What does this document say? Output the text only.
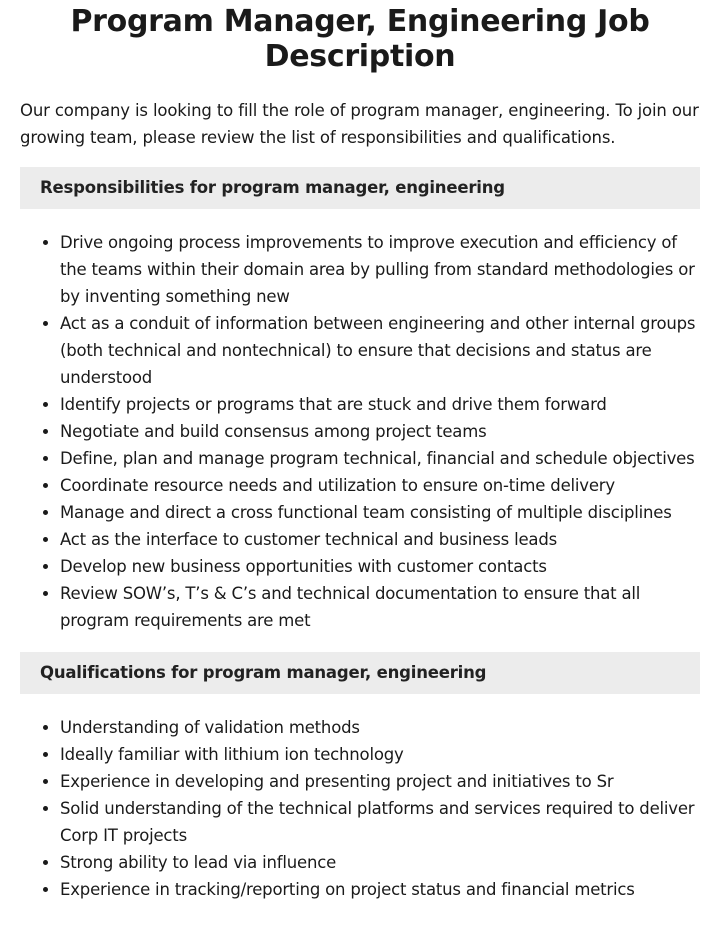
Program Manager, Engineering Job Description

Our company is looking to fill the role of program manager, engineering. To join our growing team, please review the list of responsibilities and qualifications.

Responsibilities for program manager, engineering
Drive ongoing process improvements to improve execution and efficiency of the teams within their domain area by pulling from standard methodologies or by inventing something new
Act as a conduit of information between engineering and other internal groups (both technical and nontechnical) to ensure that decisions and status are understood
Identify projects or programs that are stuck and drive them forward
Negotiate and build consensus among project teams
Define, plan and manage program technical, financial and schedule objectives
Coordinate resource needs and utilization to ensure on-time delivery
Manage and direct a cross functional team consisting of multiple disciplines
Act as the interface to customer technical and business leads
Develop new business opportunities with customer contacts
Review SOW’s, T’s & C’s and technical documentation to ensure that all program requirements are met
Qualifications for program manager, engineering
Understanding of validation methods
Ideally familiar with lithium ion technology
Experience in developing and presenting project and initiatives to Sr
Solid understanding of the technical platforms and services required to deliver Corp IT projects
Strong ability to lead via influence
Experience in tracking/reporting on project status and financial metrics
